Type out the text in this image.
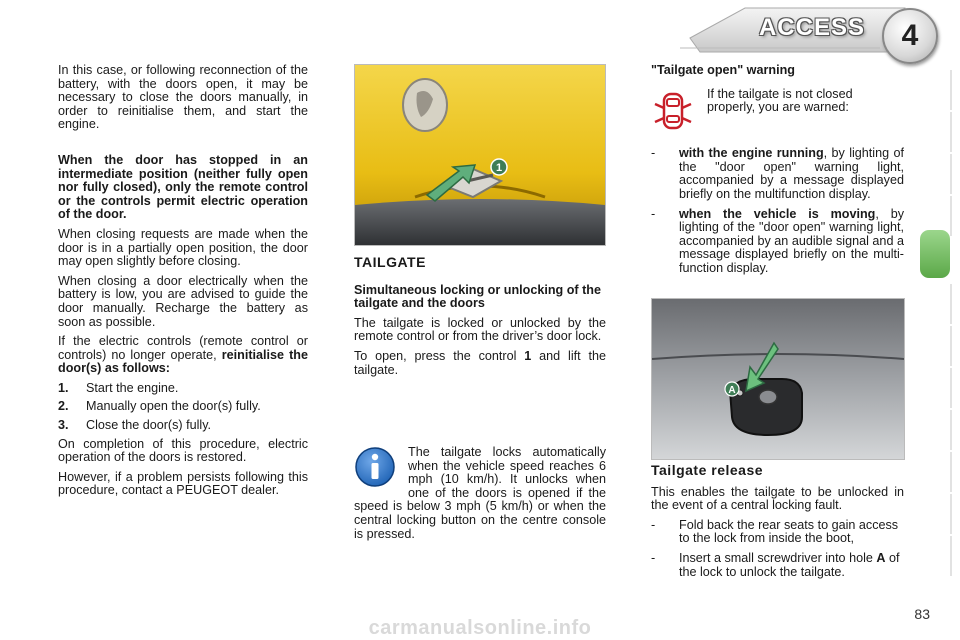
ACCESS	4

In this case, or following reconnection of the battery, with the doors open, it may be necessary to close the doors manually, in order to reinitialise them, and start the engine.

When the door has stopped in an intermediate position (neither fully open nor fully closed), only the remote control or the controls permit electric operation of the door.

When closing requests are made when the door is in a partially open position, the door may open slightly before closing.

When closing a door electrically when the battery is low, you are advised to guide the door manually. Recharge the battery as soon as possible.

If the electric controls (remote control or controls) no longer operate, reinitialise the door(s) as follows:

1.	Start the engine.
2.	Manually open the door(s) fully.
3.	Close the door(s) fully.

On completion of this procedure, electric operation of the doors is restored.

However, if a problem persists following this procedure, contact a PEUGEOT dealer.

1
TAILGATE
Simultaneous locking or unlocking of the tailgate and the doors

The tailgate is locked or unlocked by the remote control or from the driver’s door lock.

To open, press the control 1 and lift the tailgate.

The tailgate locks automatically when the vehicle speed reaches 6 mph (10 km/h). It unlocks when one of the doors is opened if the speed is below 3 mph (5 km/h) or when the central locking button on the centre console is pressed.

"Tailgate open" warning

If the tailgate is not closed properly, you are warned:

-	with the engine running, by lighting of the "door open" warning light, accompanied by a message displayed briefly on the multifunction display.

-	when the vehicle is moving, by lighting of the "door open" warning light, accompanied by an audible signal and a message displayed briefly on the multi-function display.

A
Tailgate release

This enables the tailgate to be unlocked in the event of a central locking fault.

-	Fold back the rear seats to gain access to the lock from inside the boot,

-	Insert a small screwdriver into hole A of the lock to unlock the tailgate.

83
carmanualsonline.info
